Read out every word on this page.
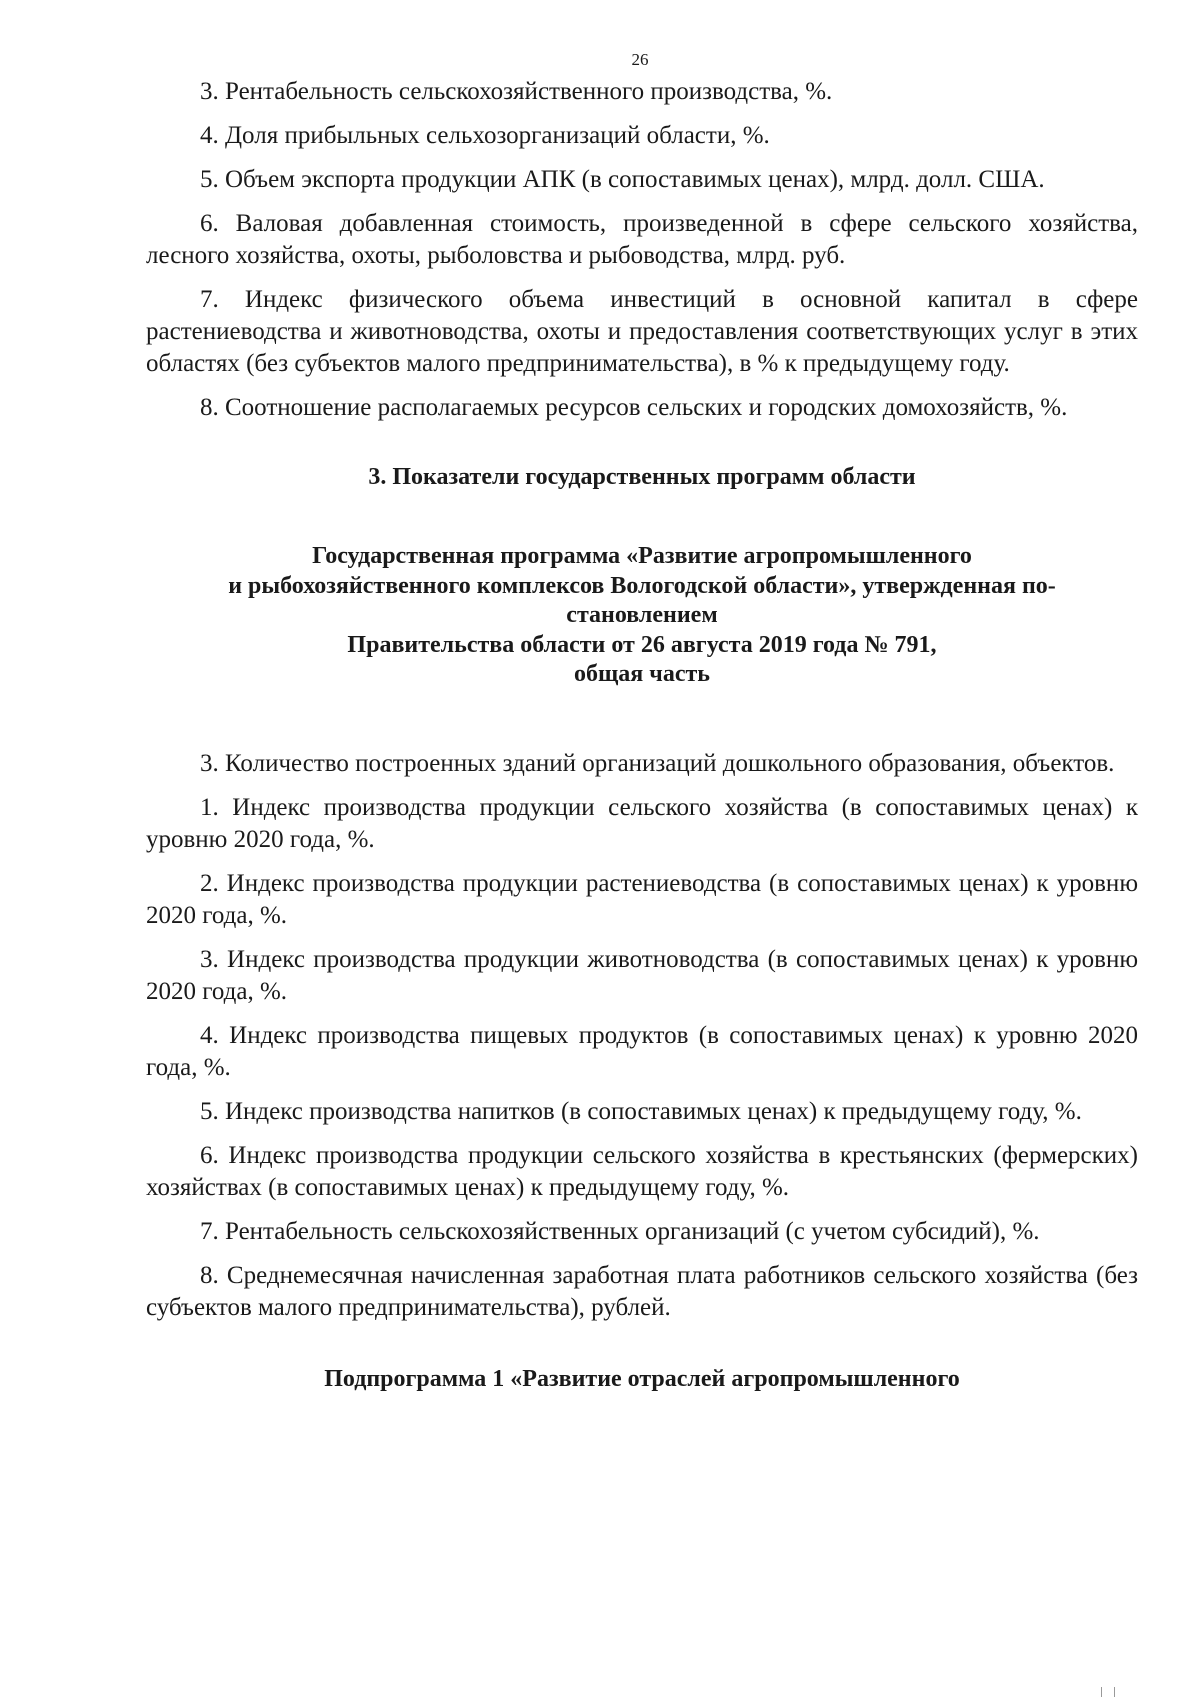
26

3. Рентабельность сельскохозяйственного производства, %.

4. Доля прибыльных сельхозорганизаций области, %.

5. Объем экспорта продукции АПК (в сопоставимых ценах), млрд. долл. США.

6. Валовая добавленная стоимость, произведенной в сфере сельского хозяйства, лесного хозяйства, охоты, рыболовства и рыбоводства, млрд. руб.

7. Индекс физического объема инвестиций в основной капитал в сфере растениеводства и животноводства, охоты и предоставления соответствующих услуг в этих областях (без субъектов малого предпринимательства), в % к предыдущему году.

8. Соотношение располагаемых ресурсов сельских и городских домохозяйств, %.

3. Показатели государственных программ области
Государственная программа «Развитие агропромышленного
и рыбохозяйственного комплексов Вологодской области», утвержденная по-
становлением
Правительства области от 26 августа 2019 года № 791,
общая часть

3. Количество построенных зданий организаций дошкольного образования, объектов.

1. Индекс производства продукции сельского хозяйства (в сопоставимых ценах) к уровню 2020 года, %.

2. Индекс производства продукции растениеводства (в сопоставимых ценах) к уровню 2020 года, %.

3. Индекс производства продукции животноводства (в сопоставимых ценах) к уровню 2020 года, %.

4. Индекс производства пищевых продуктов (в сопоставимых ценах) к уровню 2020 года, %.

5. Индекс производства напитков (в сопоставимых ценах) к предыдущему году, %.

6. Индекс производства продукции сельского хозяйства в крестьянских (фермерских) хозяйствах (в сопоставимых ценах) к предыдущему году, %.

7. Рентабельность сельскохозяйственных организаций (с учетом субсидий), %.

8. Среднемесячная начисленная заработная плата работников сельского хозяйства (без субъектов малого предпринимательства), рублей.

Подпрограмма 1 «Развитие отраслей агропромышленного
